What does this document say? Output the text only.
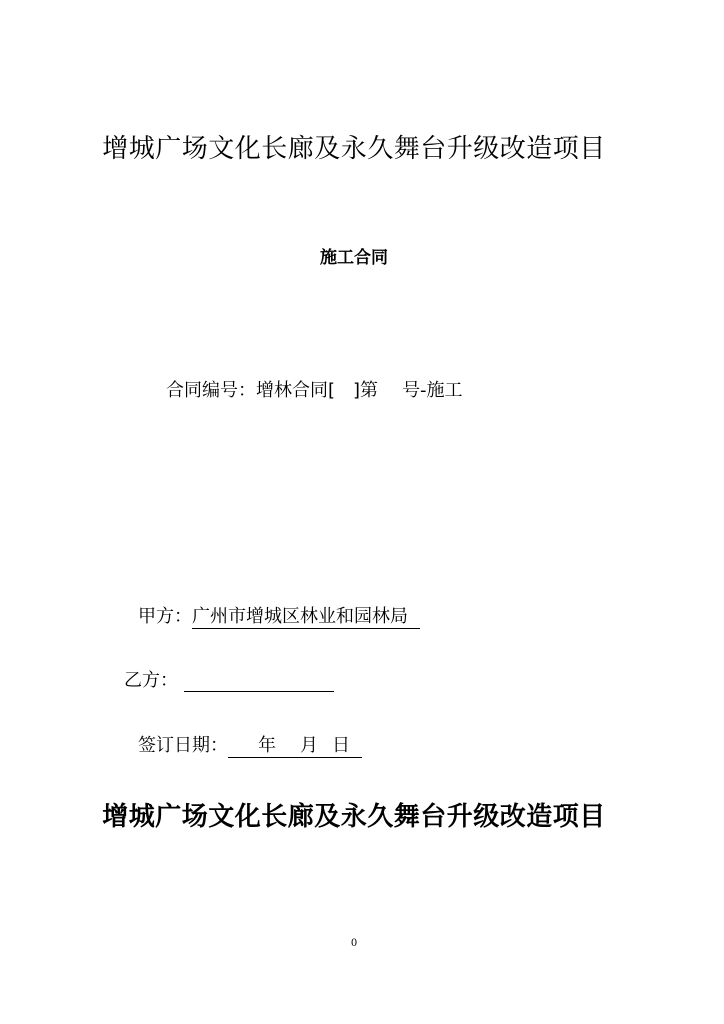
增城广场文化长廊及永久舞台升级改造项目
施工合同
合同编号：增林合同[ ]第 号-施工
甲方：广州市增城区林业和园林局
乙方：
签订日期： 年 月 日
增城广场文化长廊及永久舞台升级改造项目
0
